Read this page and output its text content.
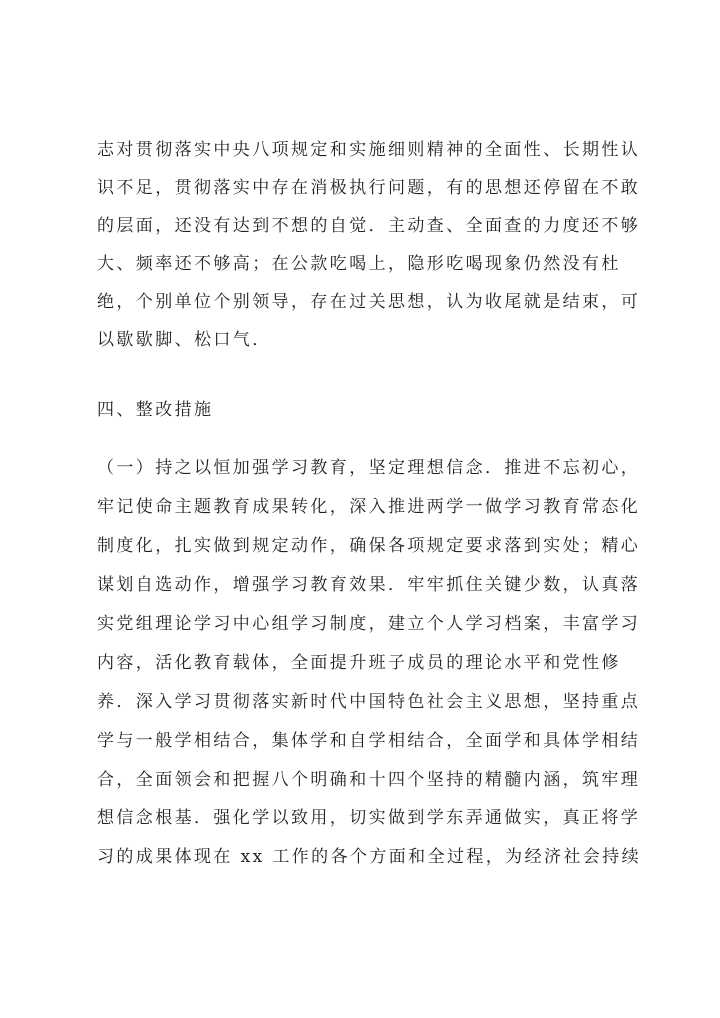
志对贯彻落实中央八项规定和实施细则精神的全面性、长期性认
识不足，贯彻落实中存在消极执行问题，有的思想还停留在不敢
的层面，还没有达到不想的自觉．主动查、全面查的力度还不够
大、频率还不够高；在公款吃喝上，隐形吃喝现象仍然没有杜
绝，个别单位个别领导，存在过关思想，认为收尾就是结束，可
以歇歇脚、松口气．
四、整改措施
（一）持之以恒加强学习教育，坚定理想信念．推进不忘初心，
牢记使命主题教育成果转化，深入推进两学一做学习教育常态化
制度化，扎实做到规定动作，确保各项规定要求落到实处；精心
谋划自选动作，增强学习教育效果．牢牢抓住关键少数，认真落
实党组理论学习中心组学习制度，建立个人学习档案，丰富学习
内容，活化教育载体，全面提升班子成员的理论水平和党性修
养．深入学习贯彻落实新时代中国特色社会主义思想，坚持重点
学与一般学相结合，集体学和自学相结合，全面学和具体学相结
合，全面领会和把握八个明确和十四个坚持的精髓内涵，筑牢理
想信念根基．强化学以致用，切实做到学东弄通做实，真正将学
习的成果体现在 xx 工作的各个方面和全过程，为经济社会持续
